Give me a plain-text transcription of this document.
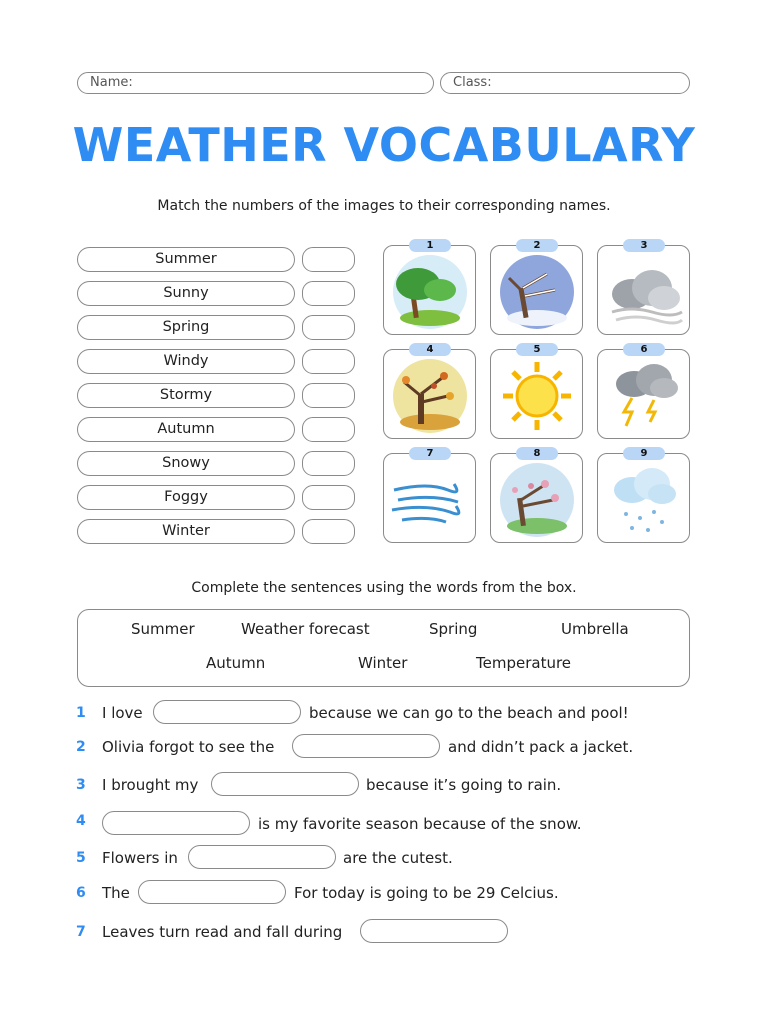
Name:	Class:
WEATHER VOCABULARY
Match the numbers of the images to their corresponding names.
Summer
Sunny
Spring
Windy
Stormy
Autumn
Snowy
Foggy
Winter
1	2	3
4	5	6
7	8	9
Complete the sentences using the words from the box.
Summer	Weather forecast	Spring	Umbrella
Autumn	Winter	Temperature
1 I love	because we can go to the beach and pool!
2 Olivia forgot to see the	and didn’t pack a jacket.
3 I brought my	because it’s going to rain.
4	is my favorite season because of the snow.
5 Flowers in	are the cutest.
6 The	For today is going to be 29 Celcius.
7 Leaves turn read and fall during
